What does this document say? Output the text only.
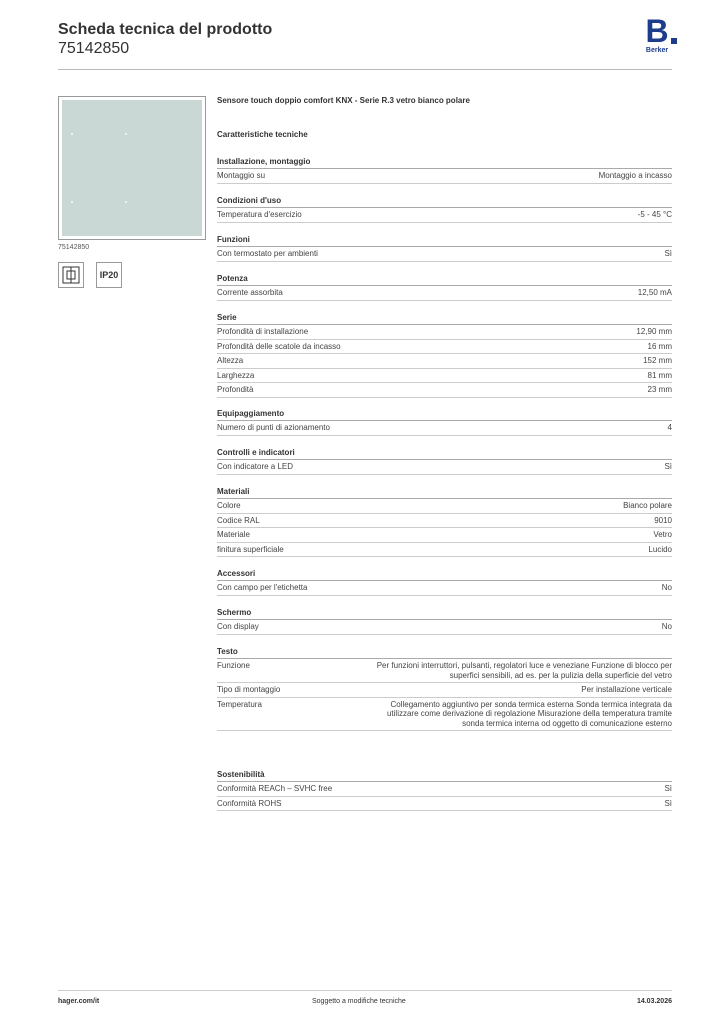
Scheda tecnica del prodotto
75142850	B
Berker
75142850
IP20
Sensore touch doppio comfort KNX - Serie R.3 vetro bianco polare
Caratteristiche tecniche
Installazione, montaggio
Montaggio su	Montaggio a incasso
Condizioni d'uso
Temperatura d'esercizio	-5 - 45 °C
Funzioni
Con termostato per ambienti	Sì
Potenza
Corrente assorbita	12,50 mA
Serie
Profondità di installazione	12,90 mm
Profondità delle scatole da incasso	16 mm
Altezza	152 mm
Larghezza	81 mm
Profondità	23 mm
Equipaggiamento
Numero di punti di azionamento	4
Controlli e indicatori
Con indicatore a LED	Sì
Materiali
Colore	Bianco polare
Codice RAL	9010
Materiale	Vetro
finitura superficiale	Lucido
Accessori
Con campo per l'etichetta	No
Schermo
Con display	No
Testo
Funzione	Per funzioni interruttori, pulsanti, regolatori luce e veneziane Funzione di blocco per superfici sensibili, ad es. per la pulizia della superficie del vetro
Tipo di montaggio	Per installazione verticale
Temperatura	Collegamento aggiuntivo per sonda termica esterna Sonda termica integrata da utilizzare come derivazione di regolazione Misurazione della temperatura tramite sonda termica interna od oggetto di comunicazione esterno
Sostenibilità
Conformità REACh – SVHC free	Sì
Conformità ROHS	Sì
hager.com/it	Soggetto a modifiche tecniche	14.03.2026
